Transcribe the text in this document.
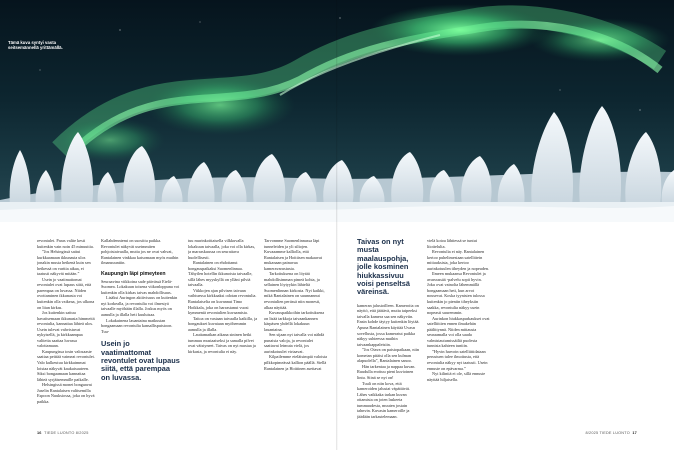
Tämä kuva syntyi vasta seitsemännellä yrittämällä.

revontulet. Paras valite kesti kuitenkin vain noin 45 minuuttia.

”Jos Helsingissä sattui kurkkaamaan ikkunasta ulos jonakin musta hetkenä kuin sen hetkessä on varttia aikaa, ei taatusti näkyvät mitään.”

Usein jo vaatimattomat revontulet ovat lupaus siitä, että parempaa on luvassa. Niiden ovottaminen ikkunasta voi kuitenkin olla vaikeaa, jos ulkona on liian kirkas.

Jos kuitenkin sattuu havaitsemaan ikkunasta himmeitä revontulia, kannattaa lähteä ulos. Usein tulevat vahvistuvat nykyisellä, ja kirkkaampaa valitetta saattaa luvassa valottamaan.

Kaupungissa tosin valosaaste saattaa peittää vaimeat revontulet. Valo kulkeutuu kirkkaimmat loistaa näkyvät kaukaisuuteen. Siksi bongaamaan kannattaa lähteä syrjäisemmille paikalle.

Helsingissä monet bongaavat Juselin Rantalaisen valitsemilla Espoon Nuuksiossa, joka on hyvä paikka.

Kallahdenniemi on suosittu paikka. Revontulet näkyvät useimmiten pohjoistaivaalla, mutta jos ne ovat vahvat, Rantalainen vinkkaa katsomaan myös muihin ilmansuuntiin.

Kaupungin läpi pimeyteen

Seuraavina viikkoina sade päivässä Etelä-Suomea. Lokakuun toisena viikonloppuna voi kuitenkin olla kirkas taivas mahdollisuus.

Lisäksi Auringon aktiivisuus on kuitenkin nyt korkealla, ja revontulia voi ilmestyä taivaalle myöhään illalla. Joskus myös on aamulla ja illalla heti kuuluisaa.

Lokakuinena lauantaina matkustan bongaamaan revontulia kansallispuistoon. Tuu-

Usein jo vaatimattomat revontulet ovat lupaus siitä, että parempaa on luvassa.

tuu murinkoittaisella vilkkuvalla lokakuun taivaalla, joka voi olla kirkas, ja marraskuussa on seurattava huolellisesti.

Rantalainen on ehdottanut bongauspaikaksi Suomenlinnaa. Tähyilen hotellin ikkunoista taivaalle, sillä lähes myyskyllä on ylläni pilviä taivaalla.

Viikkojen ajan pilvisen taivaan vaihtuessa kirkkaaksi odotan revontulia. Rantalaiselta on kuvannut Timo Hoikkala, joka on harrastanut vuosi kymmeniä revontulien kuvaamista.

Taitoa on vastaan taivaalla kaikilla, ja bongaukset kuvataan myöhemmin aamulla ja illalla.

Lauttamatkan aikana sininen hetki tummuu mustaaiseksi ja samalla pilvet ovat väistyneet. Taivas on nyt mustaa ja kirkasta, ja revontulia ei näy.

Tarvonnme Suomenlinnassa läpi tunneleiden ja yli siltojen. Kuvaaamme kalliolla, että Rantalaisen ja Hoittisen makaavat mukanaan painavaa kameravarustusta.

Tarkoituksena on löytää mahdollisimman pimeä kohta, ja sellainen löytyykin lähteltä Suomenlinnan kirkosta. Nyt kaikki, mikä Rantalainen on suunnannut revontulien perässä niin monesti, alkaa näyttää.

Kuvauspaikkoihin tarkoituksena on lisää tarkkoja taivaankannen kärpäsen yhdellä lokakuun lauantaina.

Sen sijaan nyt taivalla voi nähdä punaisia valoja, ja revontulet saattavat leimuta vielä, jos aurinkotuulet virtaavat.

Kilpailemme eteläisimpiä valoista pilkkopimeässä kallion päällä. Siellä Rantalainen ja Hoittinen asettavat

Taivas on nyt musta maalauspohja, jolle kosminen hiukkassivuu voisi penseltsä väreinsä.

kameran jalustoilleen. Kameroita on näyttö, että jäätävä, mutta taipeeksi taivalla kamera saa sen näkyviin. Ensin kohde täytyy kuitenkin löytää. Apuna Rantalainen käyttää Uvasn sovellusta, jossa kameratut paikka näkyy suhteessa muihin taivaankappaleisiin.

”Jos Otava on paistopaikaan, niin kometan pitäisi olla sen kulman alapuolella”, Rantalainen sanoo.

Hän tarkentaa ja nappaa kuvan. Ruudulla erottuu pieni kuvioinen lintu. Siinä se nyt on!

Tuuli on niin kova, että kameroiden jalustat väpättävät. Lähes vaikkaka tarkan kuvan ottamista on joten laskeeta tummuudesta, muuten jostain tahnvin. Kuvasin kameroille ja jäädään tarkastelemaan.

vielä kotoa lähtiessä se tuntui liiottelulta.

Revontulia ei näy. Rantalainen kertoo puhelimestaan satellittein mittauksista, joka kertoo aurinkotuulen tiheyden ja nopeuden.

Ilmeen mukaansa Revontulet ja avaruussää -palvelu sopii hyvin. Joku ovat vainolta lähemmällä bongaamaan heti, kun arvot nousevat. Koska tyynisten tulossa kuitenkin jo pieniin tiheyksiin saakka, revontulia näkyy usein nopeasti suuremmin.

Aurinkon hiukkaspurkaukset ovat satelliittien ennen ilmakehän päälittynnä. Niiden mittausta seuraamalla voi olla saada valmistautumissäiliä puolesta tunnista kahteen tuntiin.

”Hyvin harvoin satelliittidataan perustuen tulee ilmoitusta, että revontulia näkyy nyt taatusti. Usein ennuste on epävarma.”

Nyt kilintiä ei ole, sillä ennuste näyttää hiljaisella.

16 TIEDE LUONTO 8/2025	8/2025 TIEDE LUONTO 17
